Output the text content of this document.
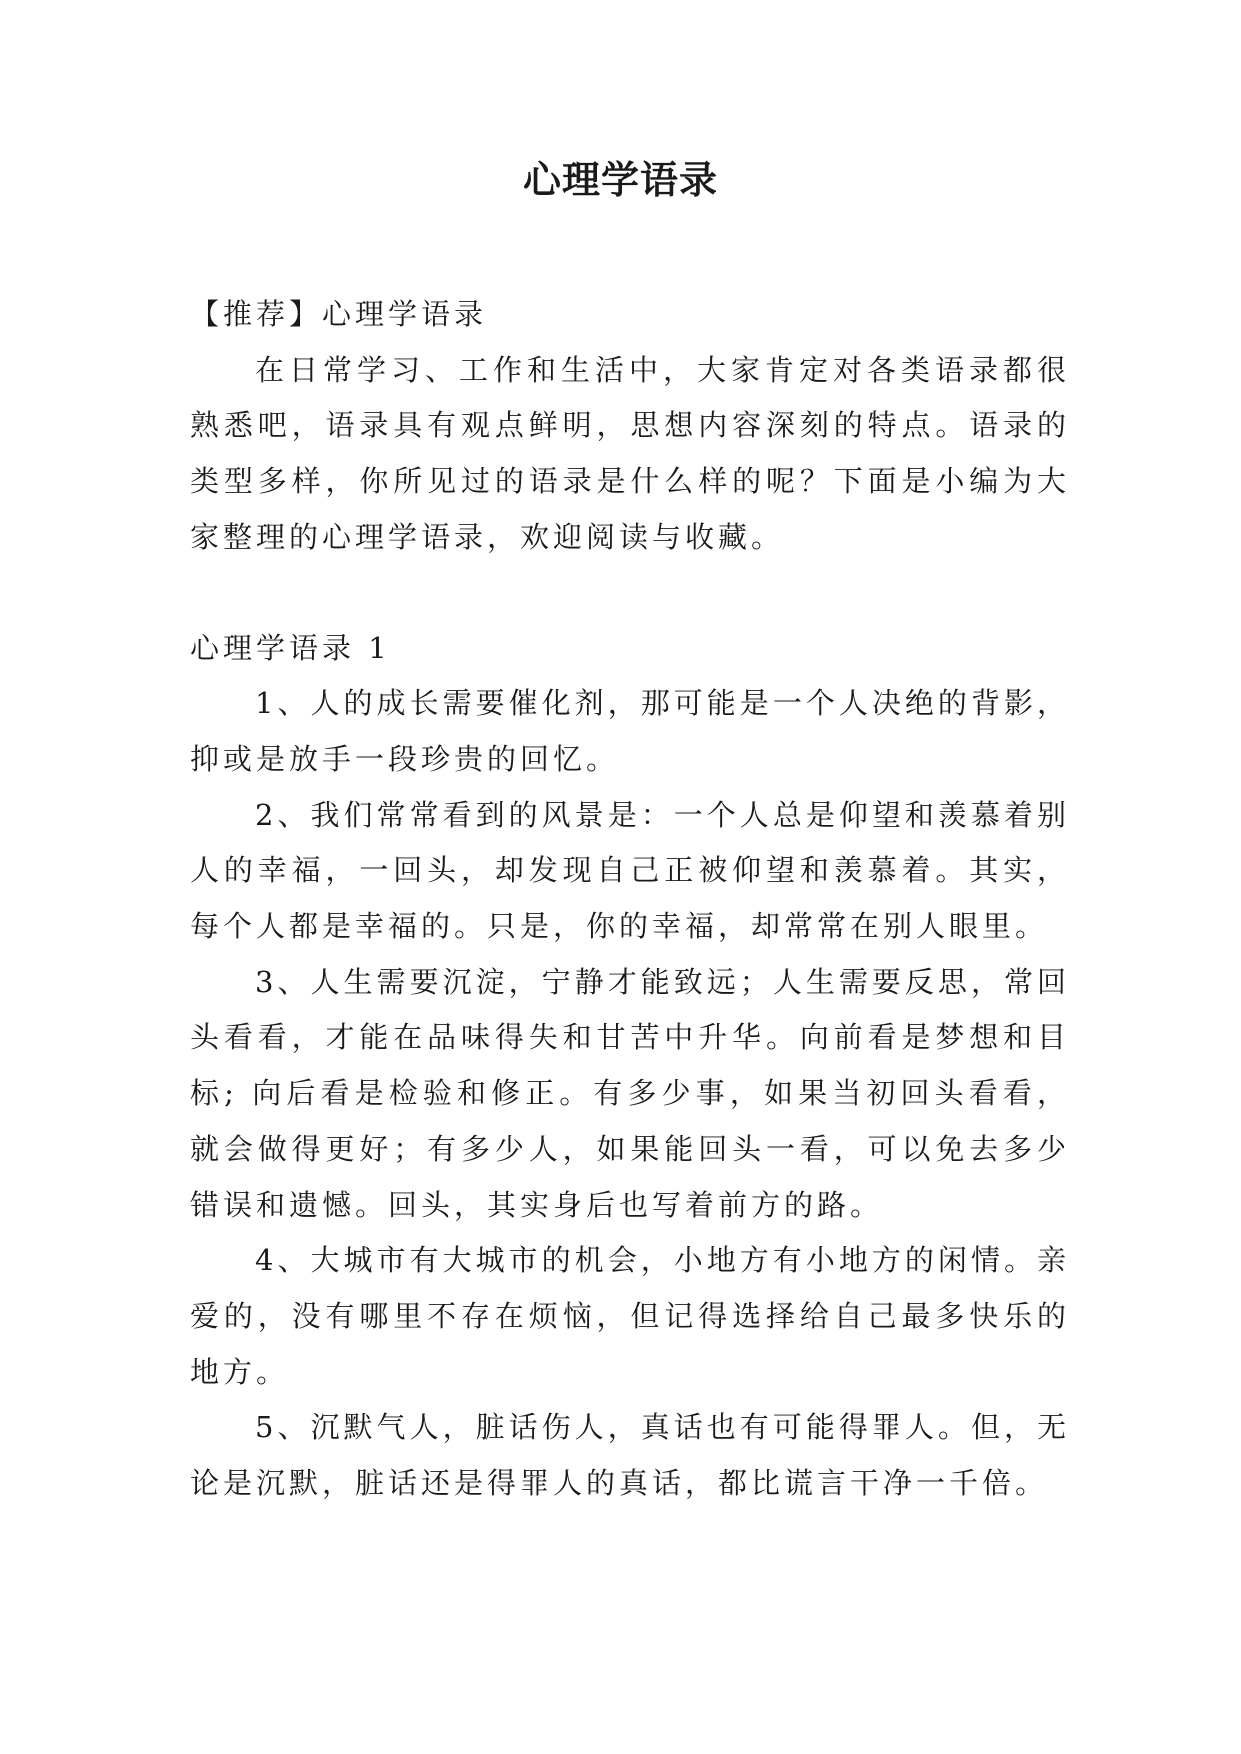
心理学语录

【推荐】心理学语录

在日常学习、工作和生活中，大家肯定对各类语录都很熟悉吧，语录具有观点鲜明，思想内容深刻的特点。语录的类型多样，你所见过的语录是什么样的呢？下面是小编为大家整理的心理学语录，欢迎阅读与收藏。

心理学语录 1

1、人的成长需要催化剂，那可能是一个人决绝的背影，抑或是放手一段珍贵的回忆。

2、我们常常看到的风景是：一个人总是仰望和羡慕着别人的幸福，一回头，却发现自己正被仰望和羡慕着。其实，每个人都是幸福的。只是，你的幸福，却常常在别人眼里。

3、人生需要沉淀，宁静才能致远；人生需要反思，常回头看看，才能在品味得失和甘苦中升华。向前看是梦想和目标; 向后看是检验和修正。有多少事，如果当初回头看看，就会做得更好；有多少人，如果能回头一看，可以免去多少错误和遗憾。回头，其实身后也写着前方的路。

4、大城市有大城市的机会，小地方有小地方的闲情。亲爱的，没有哪里不存在烦恼，但记得选择给自己最多快乐的地方。

5、沉默气人，脏话伤人，真话也有可能得罪人。但，无论是沉默，脏话还是得罪人的真话，都比谎言干净一千倍。
